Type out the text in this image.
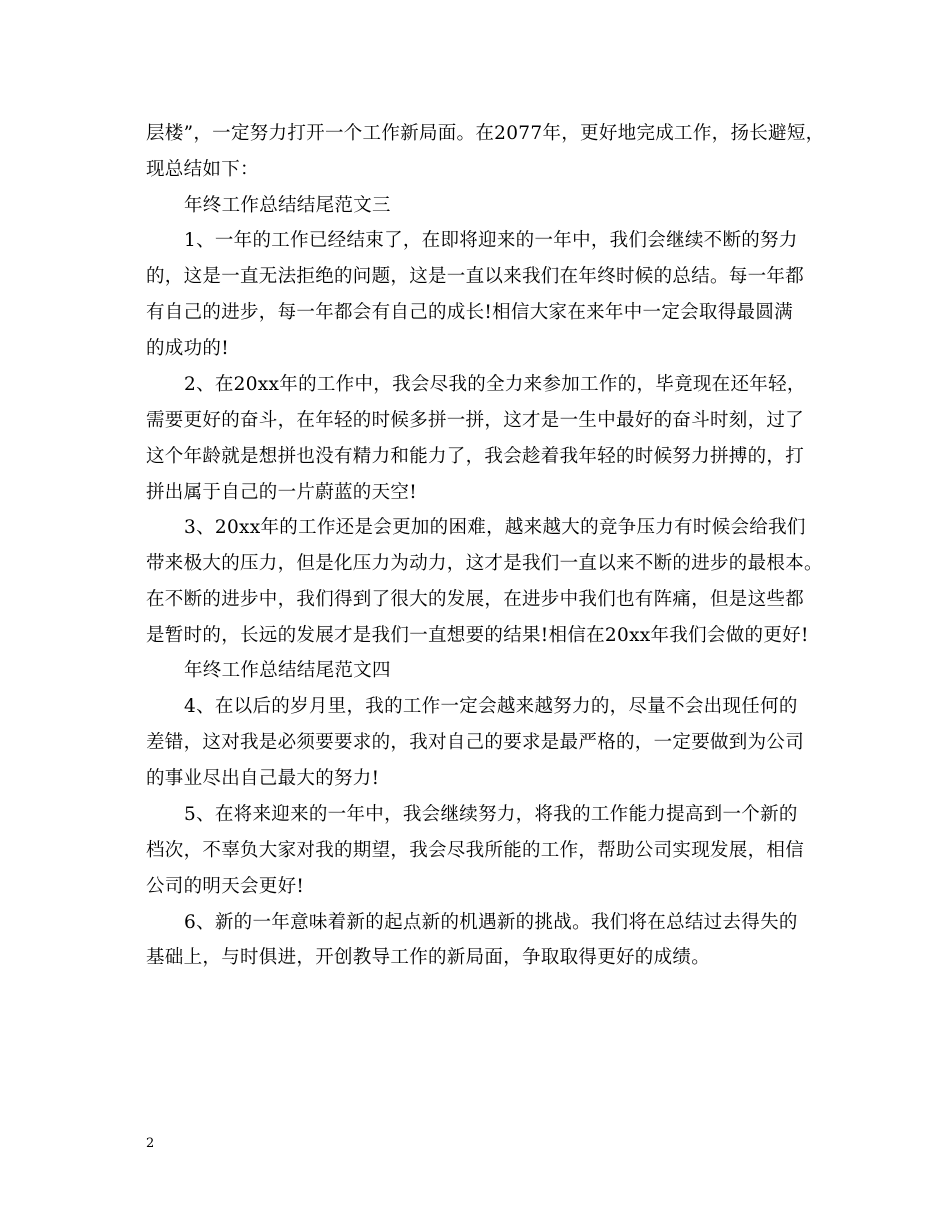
层楼”，一定努力打开一个工作新局面。在2077年，更好地完成工作，扬长避短，
现总结如下：
年终工作总结结尾范文三
1、一年的工作已经结束了，在即将迎来的一年中，我们会继续不断的努力
的，这是一直无法拒绝的问题，这是一直以来我们在年终时候的总结。每一年都
有自己的进步，每一年都会有自己的成长!相信大家在来年中一定会取得最圆满
的成功的!
2、在20xx年的工作中，我会尽我的全力来参加工作的，毕竟现在还年轻，
需要更好的奋斗，在年轻的时候多拼一拼，这才是一生中最好的奋斗时刻，过了
这个年龄就是想拼也没有精力和能力了，我会趁着我年轻的时候努力拼搏的，打
拼出属于自己的一片蔚蓝的天空!
3、20xx年的工作还是会更加的困难，越来越大的竞争压力有时候会给我们
带来极大的压力，但是化压力为动力，这才是我们一直以来不断的进步的最根本。
在不断的进步中，我们得到了很大的发展，在进步中我们也有阵痛，但是这些都
是暂时的，长远的发展才是我们一直想要的结果!相信在20xx年我们会做的更好!
年终工作总结结尾范文四
4、在以后的岁月里，我的工作一定会越来越努力的，尽量不会出现任何的
差错，这对我是必须要要求的，我对自己的要求是最严格的，一定要做到为公司
的事业尽出自己最大的努力!
5、在将来迎来的一年中，我会继续努力，将我的工作能力提高到一个新的
档次，不辜负大家对我的期望，我会尽我所能的工作，帮助公司实现发展，相信
公司的明天会更好!
6、新的一年意味着新的起点新的机遇新的挑战。我们将在总结过去得失的
基础上，与时俱进，开创教导工作的新局面，争取取得更好的成绩。
2
